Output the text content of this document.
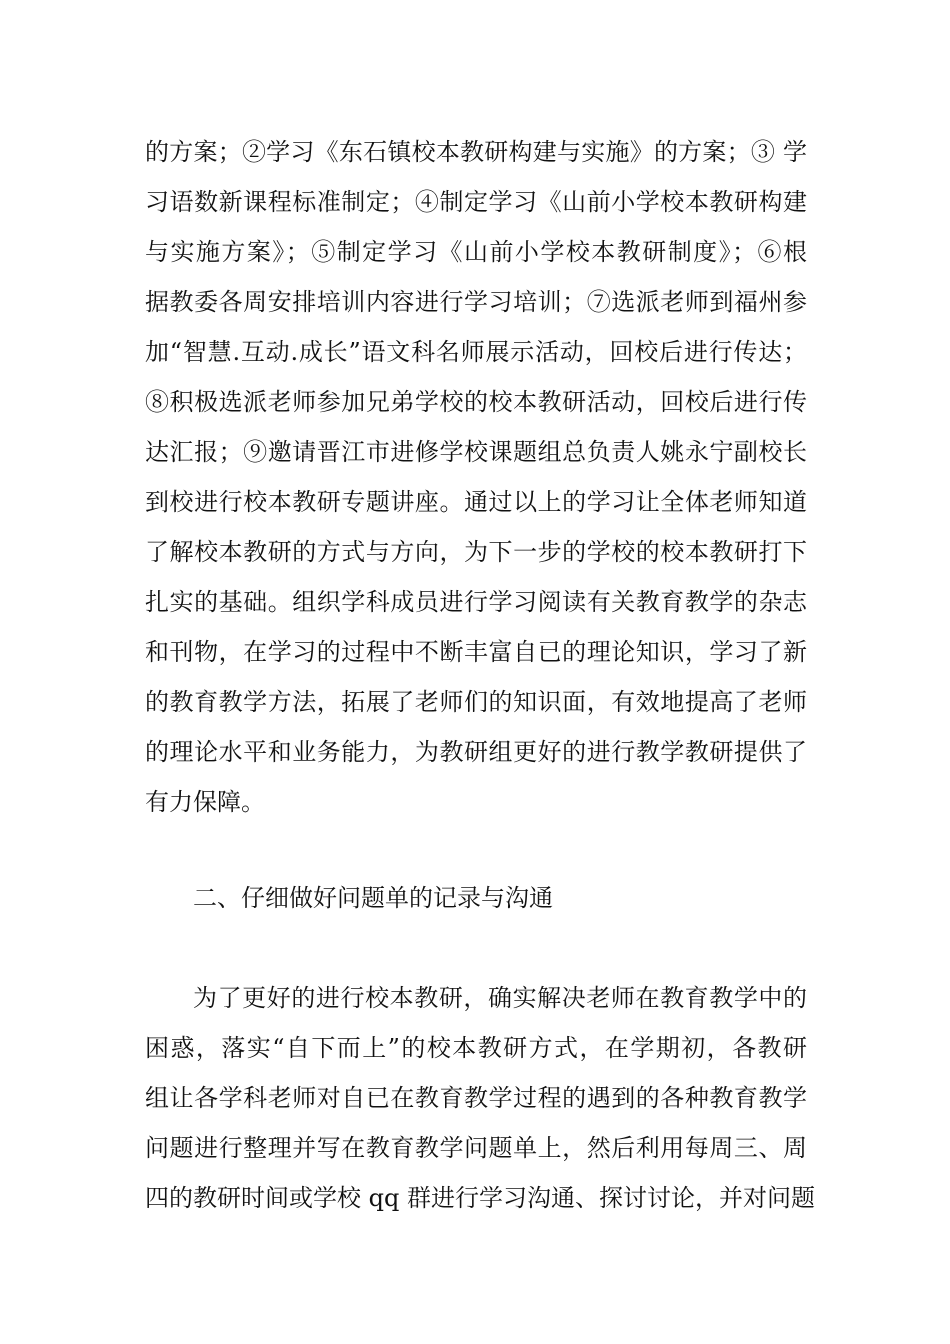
的方案；②学习《东石镇校本教研构建与实施》的方案；③ 学
习语数新课程标准制定；④制定学习《山前小学校本教研构建
与实施方案》；⑤制定学习《山前小学校本教研制度》；⑥根
据教委各周安排培训内容进行学习培训；⑦选派老师到福州参
加“智慧.互动.成长”语文科名师展示活动，回校后进行传达；
⑧积极选派老师参加兄弟学校的校本教研活动，回校后进行传
达汇报；⑨邀请晋江市进修学校课题组总负责人姚永宁副校长
到校进行校本教研专题讲座。通过以上的学习让全体老师知道
了解校本教研的方式与方向，为下一步的学校的校本教研打下
扎实的基础。组织学科成员进行学习阅读有关教育教学的杂志
和刊物，在学习的过程中不断丰富自已的理论知识，学习了新
的教育教学方法，拓展了老师们的知识面，有效地提高了老师
的理论水平和业务能力，为教研组更好的进行教学教研提供了
有力保障。
二、仔细做好问题单的记录与沟通
为了更好的进行校本教研，确实解决老师在教育教学中的
困惑，落实“自下而上”的校本教研方式，在学期初，各教研
组让各学科老师对自已在教育教学过程的遇到的各种教育教学
问题进行整理并写在教育教学问题单上，然后利用每周三、周
四的教研时间或学校 qq 群进行学习沟通、探讨讨论，并对问题
